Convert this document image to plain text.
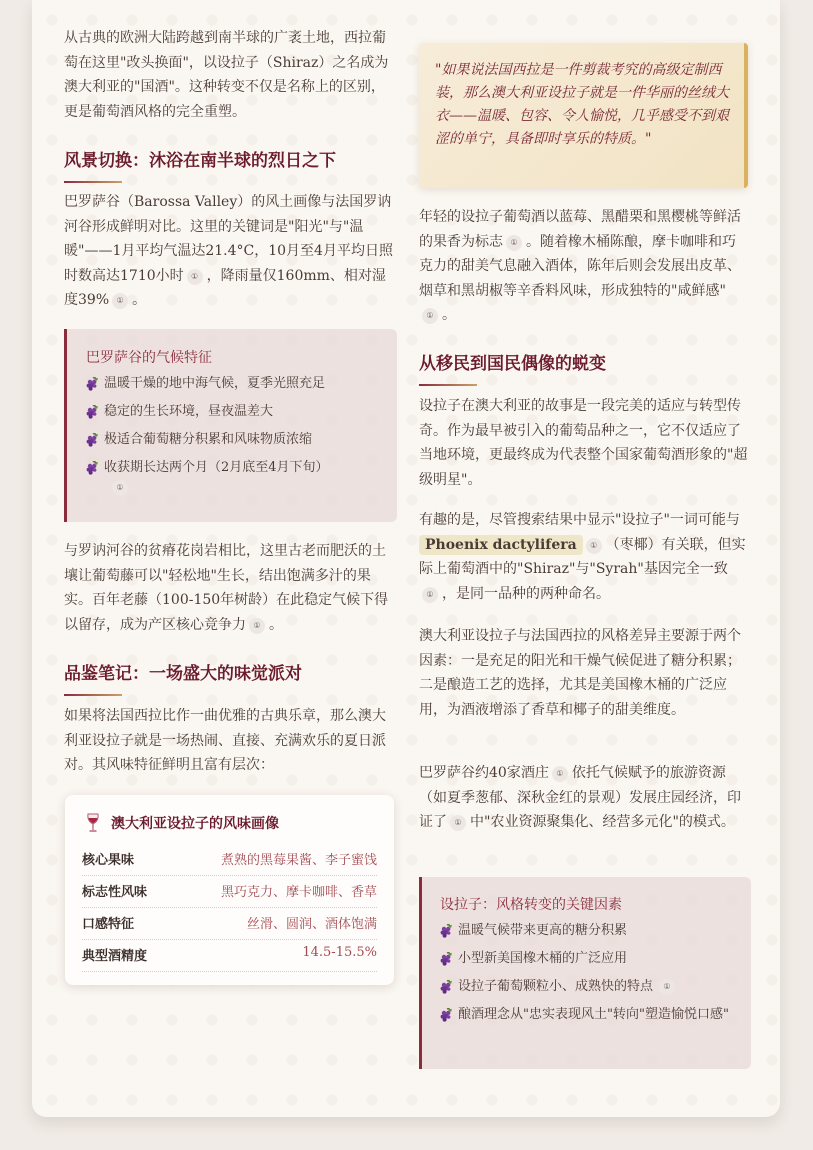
从古典的欧洲大陆跨越到南半球的广袤土地，西拉葡萄在这里"改头换面"，以设拉子（Shiraz）之名成为澳大利亚的"国酒"。这种转变不仅是名称上的区别，更是葡萄酒风格的完全重塑。

风景切换：沐浴在南半球的烈日之下

巴罗萨谷（Barossa Valley）的风土画像与法国罗讷河谷形成鲜明对比。这里的关键词是"阳光"与"温暖"——1月平均气温达21.4°C，10月至4月平均日照时数高达1710小时 ① ，降雨量仅160mm、相对湿度39% ① 。

巴罗萨谷的气候特征

温暖干燥的地中海气候，夏季光照充足
稳定的生长环境，昼夜温差大
极适合葡萄糖分积累和风味物质浓缩
收获期长达两个月（2月底至4月下旬）
①

与罗讷河谷的贫瘠花岗岩相比，这里古老而肥沃的土壤让葡萄藤可以"轻松地"生长，结出饱满多汁的果实。百年老藤（100-150年树龄）在此稳定气候下得以留存，成为产区核心竞争力 ① 。

品鉴笔记：一场盛大的味觉派对

如果将法国西拉比作一曲优雅的古典乐章，那么澳大利亚设拉子就是一场热闹、直接、充满欢乐的夏日派对。其风味特征鲜明且富有层次：

澳大利亚设拉子的风味画像

核心果味	煮熟的黑莓果酱、李子蜜饯
标志性风味	黑巧克力、摩卡咖啡、香草
口感特征	丝滑、圆润、酒体饱满
典型酒精度	14.5-15.5%

"如果说法国西拉是一件剪裁考究的高级定制西装，那么澳大利亚设拉子就是一件华丽的丝绒大衣——温暖、包容、令人愉悦，几乎感受不到艰涩的单宁，具备即时享乐的特质。"

年轻的设拉子葡萄酒以蓝莓、黑醋栗和黑樱桃等鲜活的果香为标志 ① 。随着橡木桶陈酿，摩卡咖啡和巧克力的甜美气息融入酒体，陈年后则会发展出皮革、烟草和黑胡椒等辛香料风味，形成独特的"咸鲜感"① 。

从移民到国民偶像的蜕变

设拉子在澳大利亚的故事是一段完美的适应与转型传奇。作为最早被引入的葡萄品种之一，它不仅适应了当地环境，更最终成为代表整个国家葡萄酒形象的"超级明星"。

有趣的是，尽管搜索结果中显示"设拉子"一词可能与Phoenix dactylifera ① （枣椰）有关联，但实际上葡萄酒中的"Shiraz"与"Syrah"基因完全一致① ，是同一品种的两种命名。

澳大利亚设拉子与法国西拉的风格差异主要源于两个因素：一是充足的阳光和干燥气候促进了糖分积累；二是酿造工艺的选择，尤其是美国橡木桶的广泛应用，为酒液增添了香草和椰子的甜美维度。

巴罗萨谷约40家酒庄 ① 依托气候赋予的旅游资源（如夏季葱郁、深秋金红的景观）发展庄园经济，印证了 ① 中"农业资源聚集化、经营多元化"的模式。

设拉子：风格转变的关键因素

温暖气候带来更高的糖分积累
小型新美国橡木桶的广泛应用
设拉子葡萄颗粒小、成熟快的特点 ①
酿酒理念从"忠实表现风土"转向"塑造愉悦口感"
